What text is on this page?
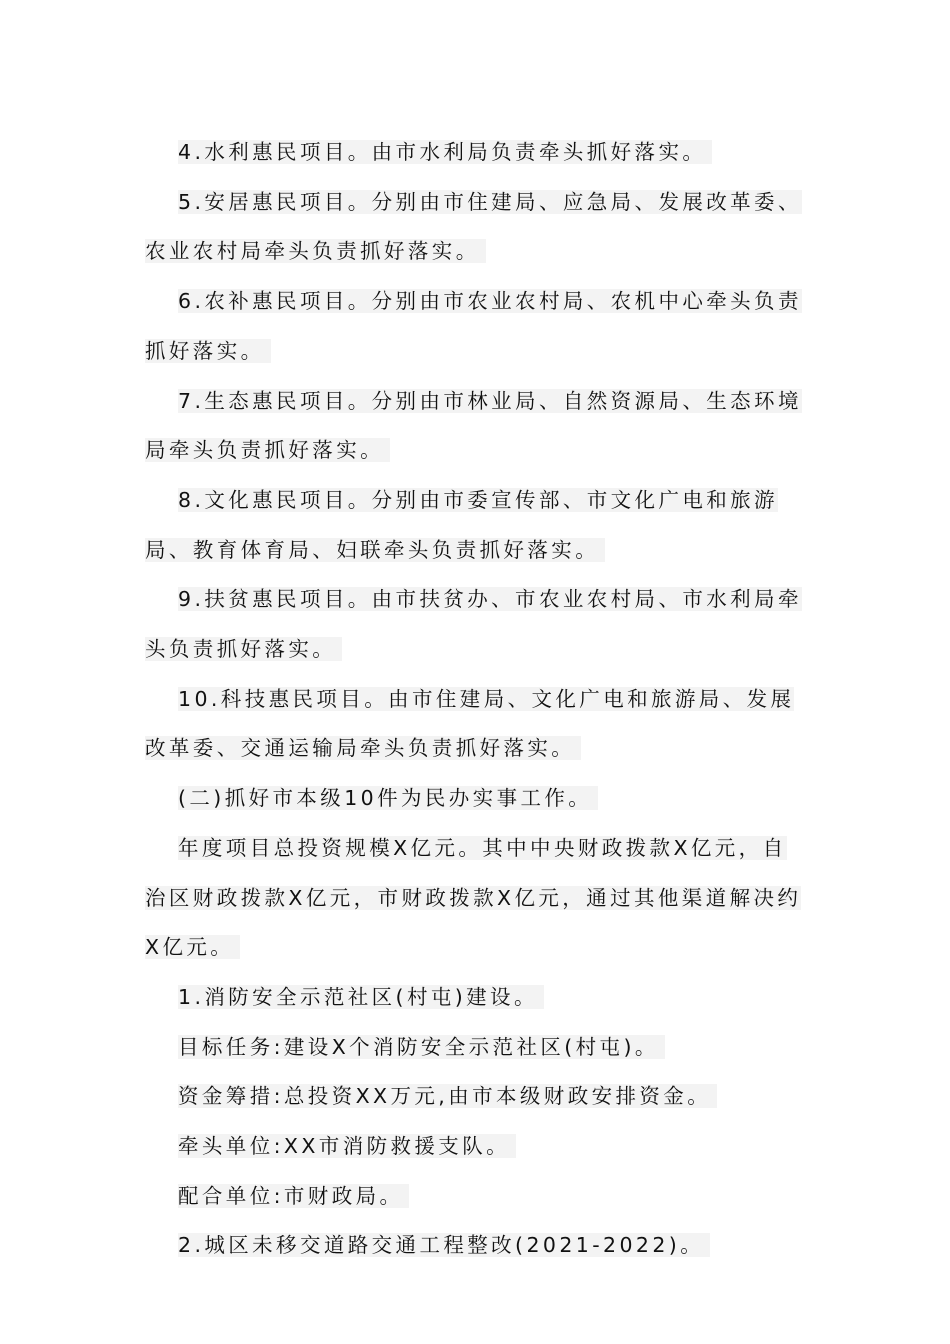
4.水利惠民项目。由市水利局负责牵头抓好落实。

5.安居惠民项目。分别由市住建局、应急局、发展改革委、农业农村局牵头负责抓好落实。

6.农补惠民项目。分别由市农业农村局、农机中心牵头负责抓好落实。

7.生态惠民项目。分别由市林业局、自然资源局、生态环境局牵头负责抓好落实。

8.文化惠民项目。分别由市委宣传部、市文化广电和旅游局、教育体育局、妇联牵头负责抓好落实。

9.扶贫惠民项目。由市扶贫办、市农业农村局、市水利局牵头负责抓好落实。

10.科技惠民项目。由市住建局、文化广电和旅游局、发展改革委、交通运输局牵头负责抓好落实。

(二)抓好市本级10件为民办实事工作。

年度项目总投资规模X亿元。其中中央财政拨款X亿元，自治区财政拨款X亿元，市财政拨款X亿元，通过其他渠道解决约X亿元。

1.消防安全示范社区(村屯)建设。

目标任务:建设X个消防安全示范社区(村屯)。

资金筹措:总投资XX万元,由市本级财政安排资金。

牵头单位:XX市消防救援支队。

配合单位:市财政局。

2.城区未移交道路交通工程整改(2021-2022)。
